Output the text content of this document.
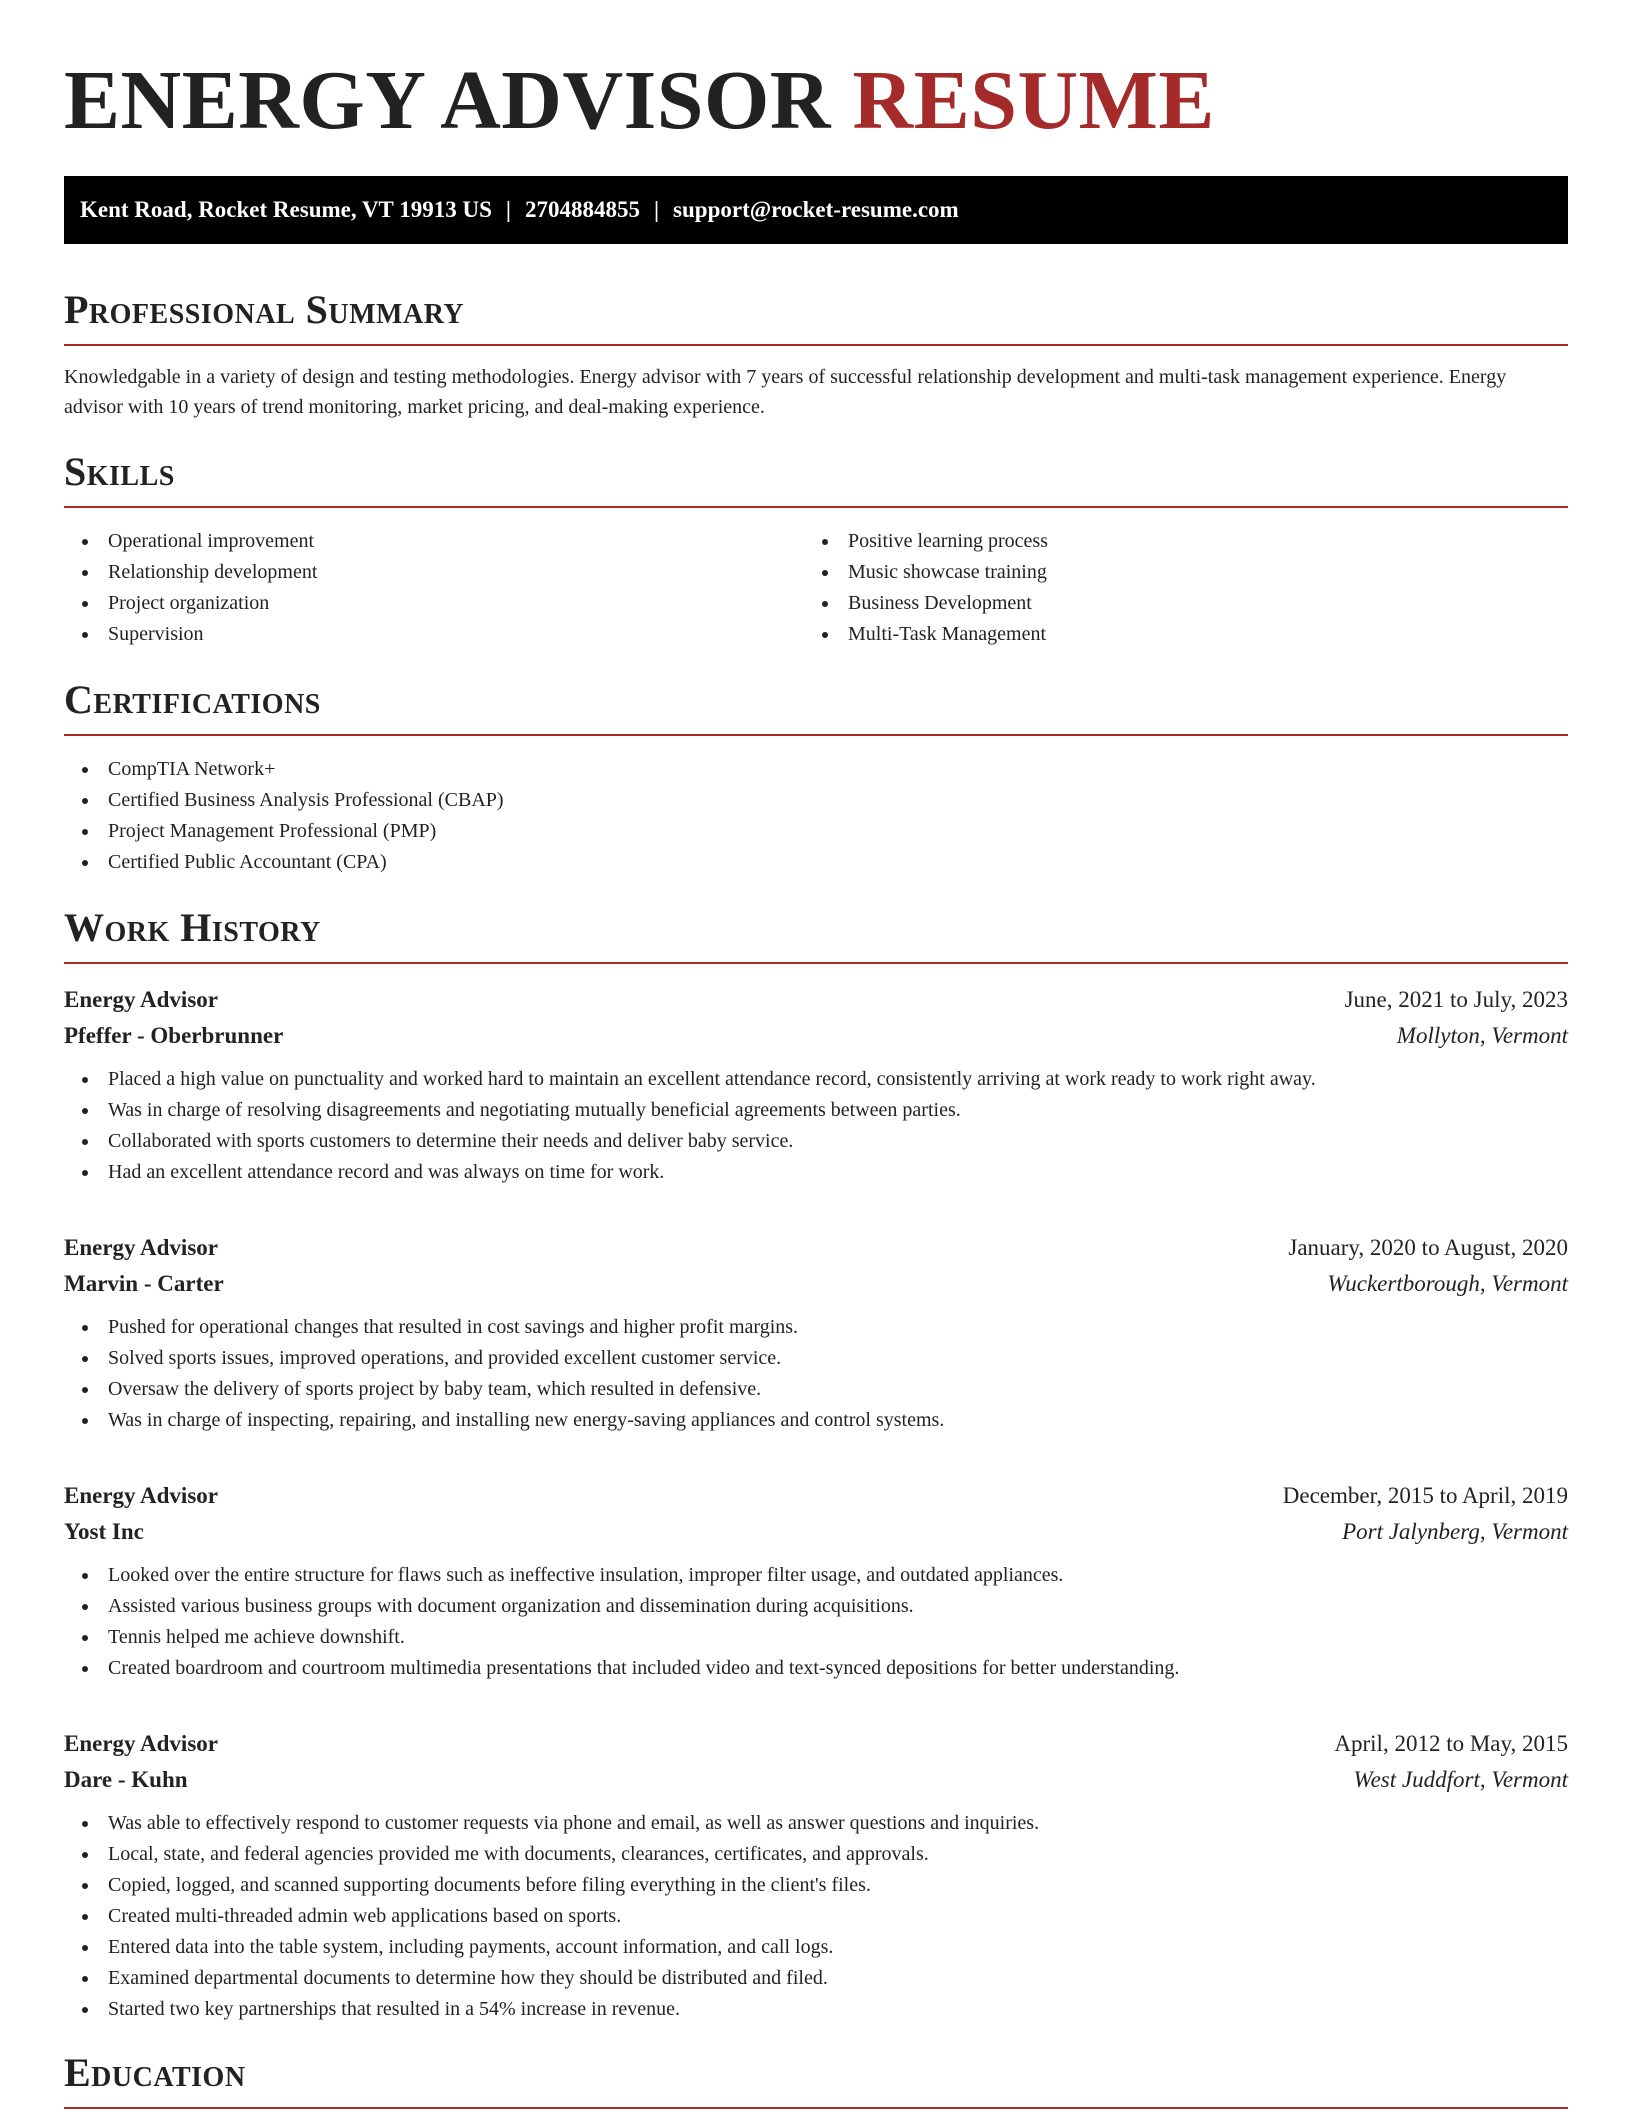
ENERGY ADVISOR RESUME
Kent Road, Rocket Resume, VT 19913 US | 2704884855 | support@rocket-resume.com
Professional Summary

Knowledgable in a variety of design and testing methodologies. Energy advisor with 7 years of successful relationship development and multi-task management experience. Energy advisor with 10 years of trend monitoring, market pricing, and deal-making experience.

Skills
Operational improvement
Relationship development
Project organization
Supervision
Positive learning process
Music showcase training
Business Development
Multi-Task Management
Certifications
CompTIA Network+
Certified Business Analysis Professional (CBAP)
Project Management Professional (PMP)
Certified Public Accountant (CPA)
Work History
Energy Advisor	June, 2021 to July, 2023
Pfeffer - Oberbrunner	Mollyton, Vermont
Placed a high value on punctuality and worked hard to maintain an excellent attendance record, consistently arriving at work ready to work right away.
Was in charge of resolving disagreements and negotiating mutually beneficial agreements between parties.
Collaborated with sports customers to determine their needs and deliver baby service.
Had an excellent attendance record and was always on time for work.
Energy Advisor	January, 2020 to August, 2020
Marvin - Carter	Wuckertborough, Vermont
Pushed for operational changes that resulted in cost savings and higher profit margins.
Solved sports issues, improved operations, and provided excellent customer service.
Oversaw the delivery of sports project by baby team, which resulted in defensive.
Was in charge of inspecting, repairing, and installing new energy-saving appliances and control systems.
Energy Advisor	December, 2015 to April, 2019
Yost Inc	Port Jalynberg, Vermont
Looked over the entire structure for flaws such as ineffective insulation, improper filter usage, and outdated appliances.
Assisted various business groups with document organization and dissemination during acquisitions.
Tennis helped me achieve downshift.
Created boardroom and courtroom multimedia presentations that included video and text-synced depositions for better understanding.
Energy Advisor	April, 2012 to May, 2015
Dare - Kuhn	West Juddfort, Vermont
Was able to effectively respond to customer requests via phone and email, as well as answer questions and inquiries.
Local, state, and federal agencies provided me with documents, clearances, certificates, and approvals.
Copied, logged, and scanned supporting documents before filing everything in the client's files.
Created multi-threaded admin web applications based on sports.
Entered data into the table system, including payments, account information, and call logs.
Examined departmental documents to determine how they should be distributed and filed.
Started two key partnerships that resulted in a 54% increase in revenue.
Education
